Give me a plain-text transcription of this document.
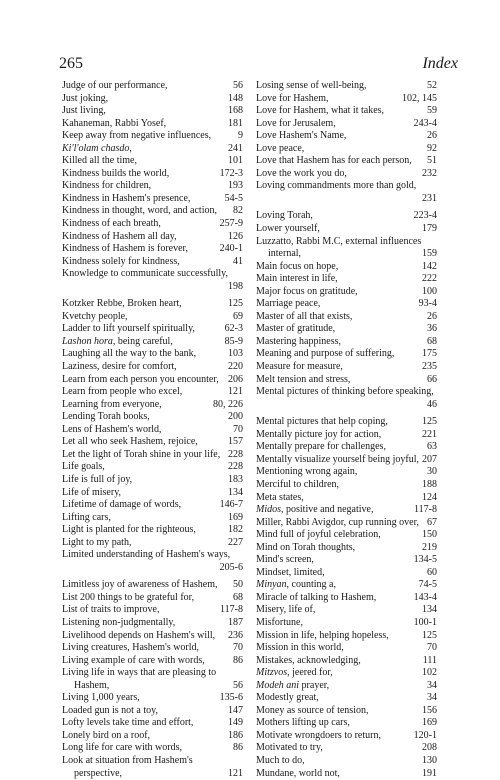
265	Index
Judge of our performance,	56
Just joking,	148
Just living,	168
Kahaneman, Rabbi Yosef,	181
Keep away from negative influences,	9
Ki'l'olam chasdo,	241
Killed all the time,	101
Kindness builds the world,	172-3
Kindness for children,	193
Kindness in Hashem's presence,	54-5
Kindness in thought, word, and action,	82
Kindness of each breath,	257-9
Kindness of Hashem all day,	126
Kindness of Hashem is forever,	240-1
Kindness solely for kindness,	41
Knowledge to communicate successfully,
198
Kotzker Rebbe, Broken heart,	125
Kvetchy people,	69
Ladder to lift yourself spiritually,	62-3
Lashon hora, being careful,	85-9
Laughing all the way to the bank,	103
Laziness, desire for comfort,	220
Learn from each person you encounter, 206
Learn from people who excel,	121
Learning from everyone,	80, 226
Lending Torah books,	200
Lens of Hashem's world,	70
Let all who seek Hashem, rejoice,	157
Let the light of Torah shine in your life, 228
Life goals,	228
Life is full of joy,	183
Life of misery,	134
Lifetime of damage of words,	146-7
Lifting cars,	169
Light is planted for the righteous,	182
Light to my path,	227
Limited understanding of Hashem's ways,
205-6
Limitless joy of awareness of Hashem,	50
List 200 things to be grateful for,	68
List of traits to improve,	117-8
Listening non-judgmentally,	187
Livelihood depends on Hashem's will,	236
Living creatures, Hashem's world,	70
Living example of care with words,	86
Living life in ways that are pleasing to
Hashem,	56
Living 1,000 years,	135-6
Loaded gun is not a toy,	147
Lofty levels take time and effort,	149
Lonely bird on a roof,	186
Long life for care with words,	86
Look at situation from Hashem's
perspective,	121
Losing sense of well-being,	52
Love for Hashem,	102, 145
Love for Hashem, what it takes,	59
Love for Jerusalem,	243-4
Love Hashem's Name,	26
Love peace,	92
Love that Hashem has for each person,	51
Love the work you do,	232
Loving commandments more than gold,
231
Loving Torah,	223-4
Lower yourself,	179
Luzzatto, Rabbi M.C, external influences
internal,	159
Main focus on hope,	142
Main interest in life,	222
Major focus on gratitude,	100
Marriage peace,	93-4
Master of all that exists,	26
Master of gratitude,	36
Mastering happiness,	68
Meaning and purpose of suffering,	175
Measure for measure,	235
Melt tension and stress,	66
Mental pictures of thinking before speaking,
46
Mental pictures that help coping,	125
Mentally picture joy for action,	221
Mentally prepare for challenges,	63
Mentally visualize yourself being joyful, 207
Mentioning wrong again,	30
Merciful to children,	188
Meta states,	124
Midos, positive and negative,	117-8
Miller, Rabbi Avigdor, cup running over, 67
Mind full of joyful celebration,	150
Mind on Torah thoughts,	219
Mind's screen,	134-5
Mindset, limited,	60
Minyan, counting a,	74-5
Miracle of talking to Hashem,	143-4
Misery, life of,	134
Misfortune,	100-1
Mission in life, helping hopeless,	125
Mission in this world,	70
Mistakes, acknowledging,	111
Mitzvos, jeered for,	102
Modeh ani prayer,	34
Modestly great,	34
Money as source of tension,	156
Mothers lifting up cars,	169
Motivate wrongdoers to return,	120-1
Motivated to try,	208
Much to do,	130
Mundane, world not,	191
